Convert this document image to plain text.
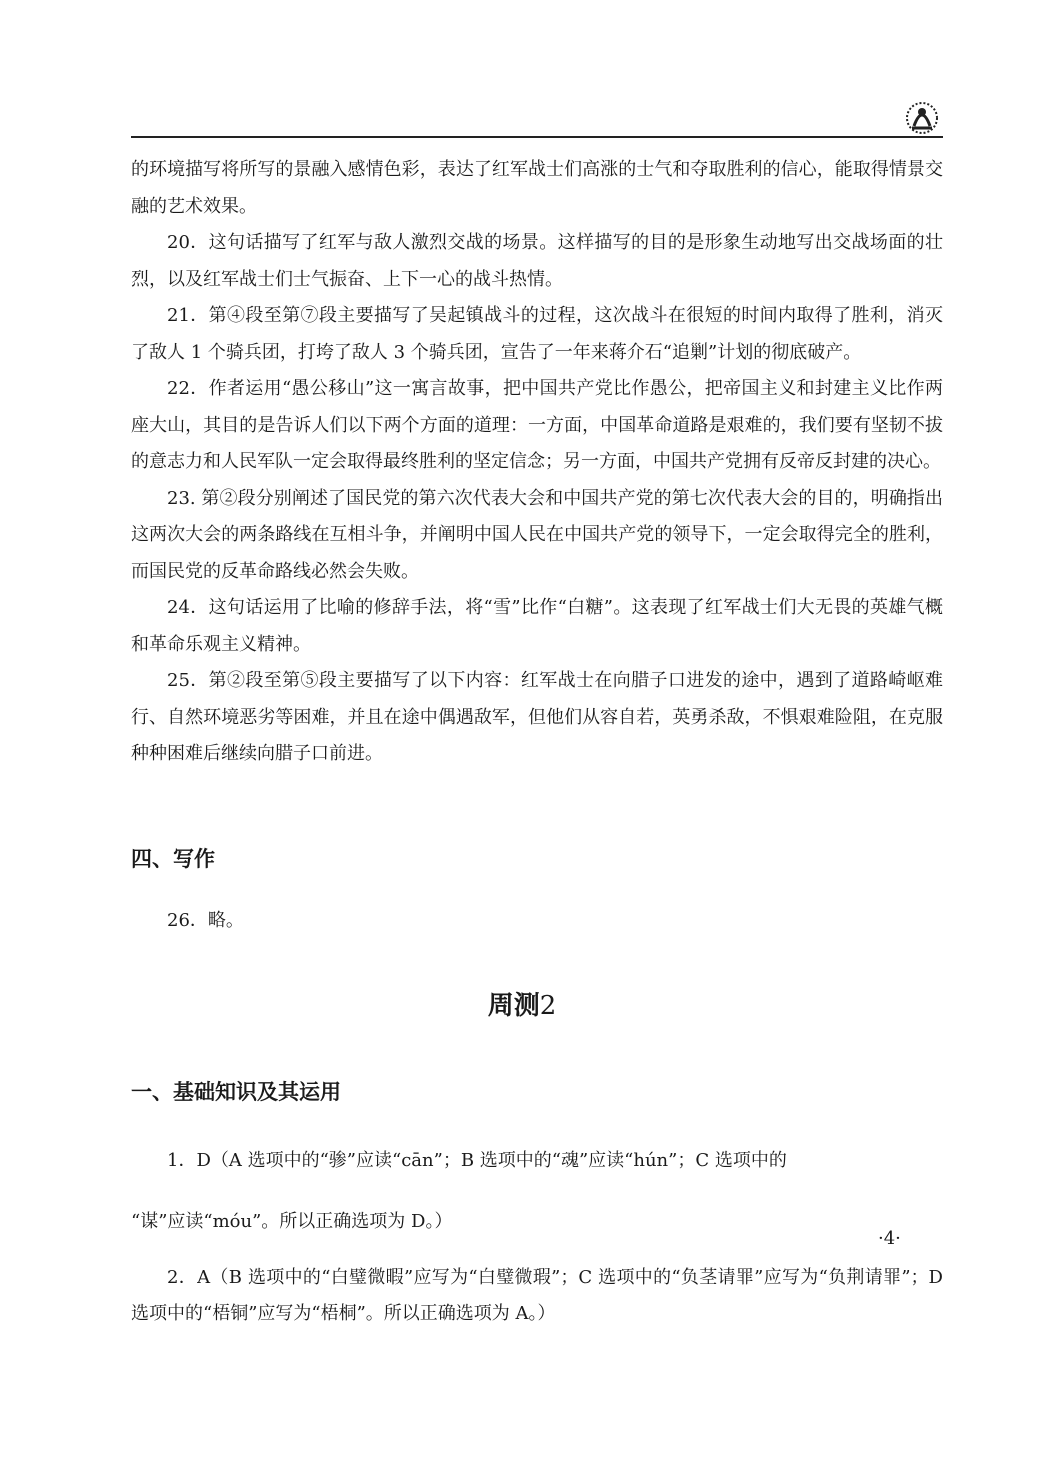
的环境描写将所写的景融入感情色彩，表达了红军战士们高涨的士气和夺取胜利的信心，能取得情景交融的艺术效果。

20．这句话描写了红军与敌人激烈交战的场景。这样描写的目的是形象生动地写出交战场面的壮烈，以及红军战士们士气振奋、上下一心的战斗热情。

21．第④段至第⑦段主要描写了吴起镇战斗的过程，这次战斗在很短的时间内取得了胜利，消灭了敌人 1 个骑兵团，打垮了敌人 3 个骑兵团，宣告了一年来蒋介石“追剿”计划的彻底破产。

22．作者运用“愚公移山”这一寓言故事，把中国共产党比作愚公，把帝国主义和封建主义比作两座大山，其目的是告诉人们以下两个方面的道理：一方面，中国革命道路是艰难的，我们要有坚韧不拔的意志力和人民军队一定会取得最终胜利的坚定信念；另一方面，中国共产党拥有反帝反封建的决心。

23. 第②段分别阐述了国民党的第六次代表大会和中国共产党的第七次代表大会的目的，明确指出这两次大会的两条路线在互相斗争，并阐明中国人民在中国共产党的领导下，一定会取得完全的胜利，而国民党的反革命路线必然会失败。

24．这句话运用了比喻的修辞手法，将“雪”比作“白糖”。这表现了红军战士们大无畏的英雄气概和革命乐观主义精神。

25．第②段至第⑤段主要描写了以下内容：红军战士在向腊子口进发的途中，遇到了道路崎岖难行、自然环境恶劣等困难，并且在途中偶遇敌军，但他们从容自若，英勇杀敌，不惧艰难险阻，在克服种种困难后继续向腊子口前进。

四、写作

26．略。

周测2
一、基础知识及其运用

1．D（A 选项中的“骖”应读“cān”；B 选项中的“魂”应读“hún”；C 选项中的

“谋”应读“móu”。所以正确选项为 D。）

2．A（B 选项中的“白璧微暇”应写为“白璧微瑕”；C 选项中的“负茎请罪”应写为“负荆请罪”；D 选项中的“梧铜”应写为“梧桐”。所以正确选项为 A。）

·4·
